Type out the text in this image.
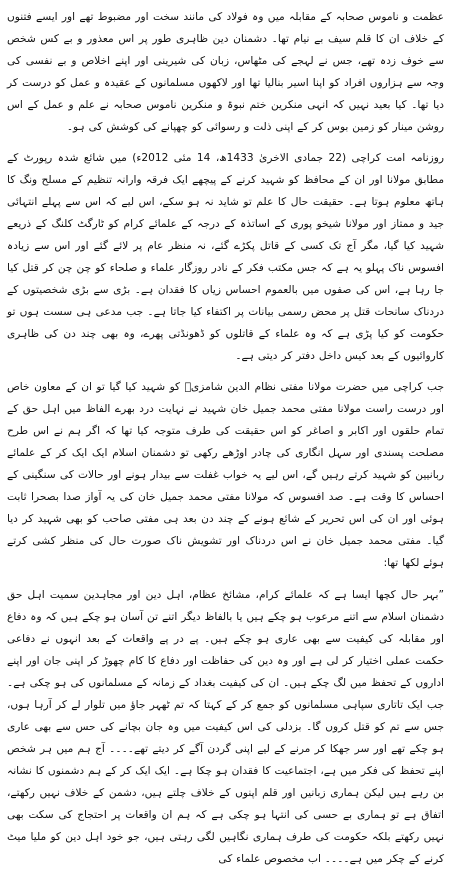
عظمت و ناموس صحابہ کے مقابلہ میں وہ فولاد کی مانند سخت اور مضبوط تھے اور ایسے فتنوں کے خلاف ان کا قلم سیف بے نیام تھا۔ دشمنان دین ظاہری طور پر اس معذور و بے کس شخص سے خوف زدہ تھے، جس نے لہجے کی مٹھاس، زبان کی شیرینی اور اپنے اخلاص و بے نفسی کی وجہ سے ہزاروں افراد کو اپنا اسیر بنالیا تھا اور لاکھوں مسلمانوں کے عقیدہ و عمل کو درست کر دیا تھا۔ کیا بعید نہیں کہ انہی منکرین ختم نبوۃ و منکرین ناموس صحابہ نے علم و عمل کے اس روشن مینار کو زمین بوس کر کے اپنی ذلت و رسوائی کو چھپانے کی کوشش کی ہو۔

روزنامہ امت کراچی (22 جمادی الاخریٰ 1433ھ، 14 مئی 2012ء) میں شائع شدہ رپورٹ کے مطابق مولانا اور ان کے محافظ کو شہید کرنے کے پیچھے ایک فرقہ وارانہ تنظیم کے مسلح ونگ کا ہاتھ معلوم ہوتا ہے۔ حقیقت حال کا علم تو شاید نہ ہو سکے، اس لیے کہ اس سے پہلے انتہائی جید و ممتاز اور مولانا شیخو پوری کے اساتذہ کے درجہ کے علمائے کرام کو ٹارگٹ کلنگ کے ذریعے شہید کیا گیا، مگر آج تک کسی کے قاتل پکڑے گئے، نہ منظر عام پر لائے گئے اور اس سے زیادہ افسوس ناک پہلو یہ ہے کہ جس مکتب فکر کے نادر روزگار علماء و صلحاء کو چن چن کر قتل کیا جا رہا ہے، اس کی صفوں میں بالعموم احساس زیاں کا فقدان ہے۔ بڑی سے بڑی شخصیتوں کے دردناک سانحات قتل پر محض رسمی بیانات پر اکتفاء کیا جاتا ہے۔ جب مدعی ہی سست ہوں تو حکومت کو کیا پڑی ہے کہ وہ علماء کے قاتلوں کو ڈھونڈتی پھرے، وہ بھی چند دن کی ظاہری کاروائیوں کے بعد کیس داخل دفتر کر دیتی ہے۔

جب کراچی میں حضرت مولانا مفتی نظام الدین شامزیؒ کو شہید کیا گیا تو ان کے معاون خاص اور درست راست مولانا مفتی محمد جمیل خان شہید نے نہایت درد بھرے الفاظ میں اہل حق کے تمام حلقوں اور اکابر و اصاغر کو اس حقیقت کی طرف متوجہ کیا تھا کہ اگر ہم نے اس طرح مصلحت پسندی اور سہل انگاری کی چادر اوڑھے رکھی تو دشمنان اسلام ایک ایک کر کے علمائے ربانیین کو شہید کرتے رہیں گے، اس لیے یہ خواب غفلت سے بیدار ہونے اور حالات کی سنگینی کے احساس کا وقت ہے۔ صد افسوس کہ مولانا مفتی محمد جمیل خان کی یہ آواز صدا بصحرا ثابت ہوئی اور ان کی اس تحریر کے شائع ہونے کے چند دن بعد ہی مفتی صاحب کو بھی شہید کر دیا گیا۔ مفتی محمد جمیل خان نے اس دردناک اور تشویش ناک صورت حال کی منظر کشی کرتے ہوئے لکھا تھا:

”بہر حال کچھا ایسا ہے کہ علمائے کرام، مشائخ عظام، اہل دین اور مجاہدین سمیت اہل حق دشمنان اسلام سے اتنے مرعوب ہو چکے ہیں یا بالفاظ دیگر اتنے تن آسان ہو چکے ہیں کہ وہ دفاع اور مقابلہ کی کیفیت سے بھی عاری ہو چکے ہیں۔ پے در پے واقعات کے بعد انہوں نے دفاعی حکمت عملی اختیار کر لی ہے اور وہ دین کی حفاظت اور دفاع کا کام چھوڑ کر اپنی جان اور اپنے اداروں کے تحفظ میں لگ چکے ہیں۔ ان کی کیفیت بغداد کے زمانہ کے مسلمانوں کی ہو چکی ہے۔ جب ایک تاتاری سپاہی مسلمانوں کو جمع کر کے کہتا کہ تم ٹھہر جاؤ میں تلوار لے کر آرہا ہوں، جس سے تم کو قتل کروں گا۔ بزدلی کی اس کیفیت میں وہ جان بچانے کی حس سے بھی عاری ہو چکے تھے اور سر جھکا کر مرنے کے لیے اپنی گردن آگے کر دیتے تھے۔۔۔۔ آج ہم میں ہر شخص اپنے تحفظ کی فکر میں ہے، اجتماعیت کا فقدان ہو چکا ہے۔ ایک ایک کر کے ہم دشمنوں کا نشانہ بن رہے ہیں لیکن ہماری زبانیں اور قلم اپنوں کے خلاف چلتے ہیں، دشمن کے خلاف نہیں رکھتے، اتفاق ہے تو ہماری بے حسی کی انتہا ہو چکی ہے کہ ہم ان واقعات پر احتجاج کی سکت بھی نہیں رکھتے بلکہ حکومت کی طرف ہماری نگاہیں لگی رہتی ہیں، جو خود اہل دین کو ملیا میٹ کرنے کے چکر میں ہے۔۔۔۔ اب مخصوص علماء کی
